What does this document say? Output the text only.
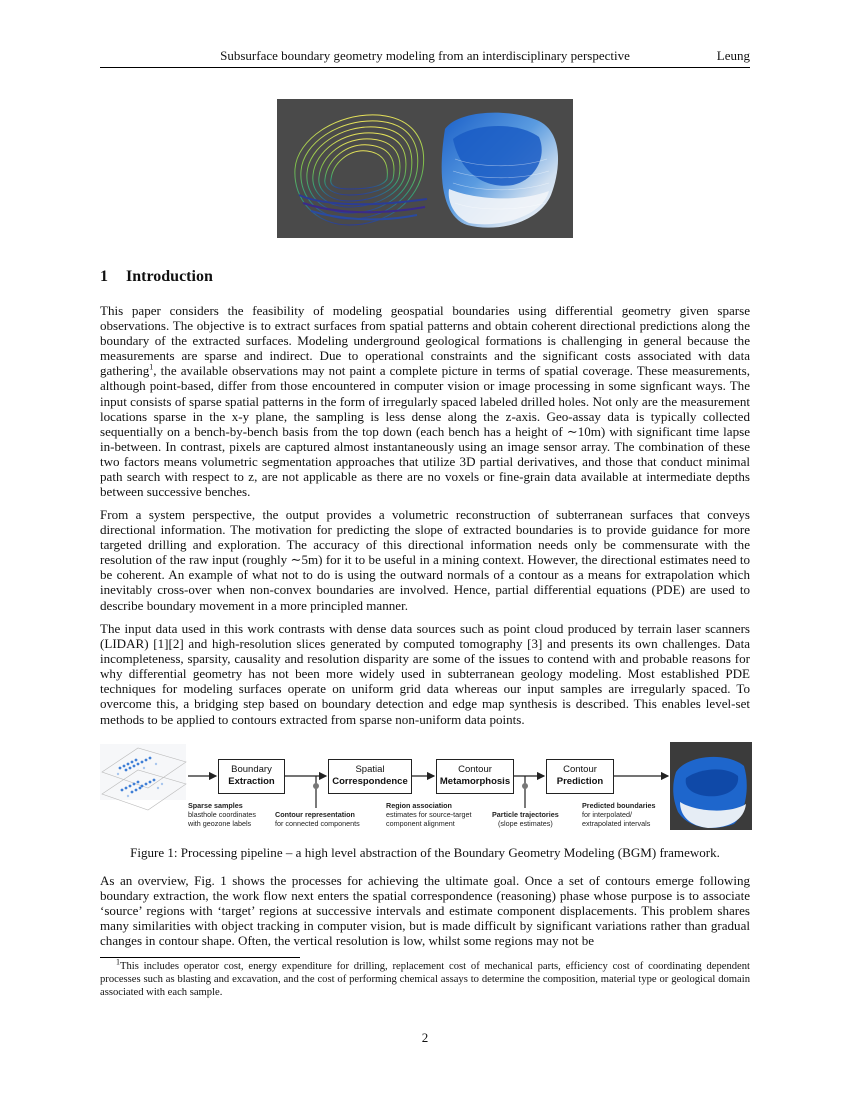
Subsurface boundary geometry modeling from an interdisciplinary perspective	Leung
1 Introduction
This paper considers the feasibility of modeling geospatial boundaries using differential geometry given sparse observations. The objective is to extract surfaces from spatial patterns and obtain coherent directional predictions along the boundary of the extracted surfaces. Modeling underground geological formations is challenging in general because the measurements are sparse and indirect. Due to operational constraints and the significant costs associated with data gathering$^1$, the available observations may not paint a complete picture in terms of spatial coverage. These measurements, although point-based, differ from those encountered in computer vision or image processing in some signficant ways. The input consists of sparse spatial patterns in the form of irregularly spaced labeled drilled holes. Not only are the measurement locations sparse in the x-y plane, the sampling is less dense along the z-axis. Geo-assay data is typically collected sequentially on a bench-by-bench basis from the top down (each bench has a height of ∼10m) with significant time lapse in-between. In contrast, pixels are captured almost instantaneously using an image sensor array. The combination of these two factors means volumetric segmentation approaches that utilize 3D partial derivatives, and those that conduct minimal path search with respect to z, are not applicable as there are no voxels or fine-grain data available at intermediate depths between successive benches.
From a system perspective, the output provides a volumetric reconstruction of subterranean surfaces that conveys directional information. The motivation for predicting the slope of extracted boundaries is to provide guidance for more targeted drilling and exploration. The accuracy of this directional information needs only be commensurate with the resolution of the raw input (roughly ∼5m) for it to be useful in a mining context. However, the directional estimates need to be coherent. An example of what not to do is using the outward normals of a contour as a means for extrapolation which inevitably cross-over when non-convex boundaries are involved. Hence, partial differential equations (PDE) are used to describe boundary movement in a more principled manner.
The input data used in this work contrasts with dense data sources such as point cloud produced by terrain laser scanners (LIDAR) [1][2] and high-resolution slices generated by computed tomography [3] and presents its own challenges. Data incompleteness, sparsity, causality and resolution disparity are some of the issues to contend with and probable reasons for why differential geometry has not been more widely used in subterranean geology modeling. Most established PDE techniques for modeling surfaces operate on uniform grid data whereas our input samples are irregularly spaced. To overcome this, a bridging step based on boundary detection and edge map synthesis is described. This enables level-set methods to be applied to contours extracted from sparse non-uniform data points.
Boundary
Extraction
Spatial
Correspondence
Contour
Metamorphosis
Contour
Prediction
Sparse samples
blasthole coordinates
with geozone labels
Contour representation
for connected components
Region association
estimates for source-target
component alignment
Particle trajectories
(slope estimates)
Predicted boundaries
for interpolated/
extrapolated intervals
Figure 1: Processing pipeline – a high level abstraction of the Boundary Geometry Modeling (BGM) framework.
As an overview, Fig. 1 shows the processes for achieving the ultimate goal. Once a set of contours emerge following boundary extraction, the work flow next enters the spatial correspondence (reasoning) phase whose purpose is to associate ‘source’ regions with ‘target’ regions at successive intervals and estimate component displacements. This problem shares many similarities with object tracking in computer vision, but is made difficult by significant variations rather than gradual changes in contour shape. Often, the vertical resolution is low, whilst some regions may not be
$^1$This includes operator cost, energy expenditure for drilling, replacement cost of mechanical parts, efficiency cost of coordinating dependent processes such as blasting and excavation, and the cost of performing chemical assays to determine the composition, material type or geological domain associated with each sample.
2
